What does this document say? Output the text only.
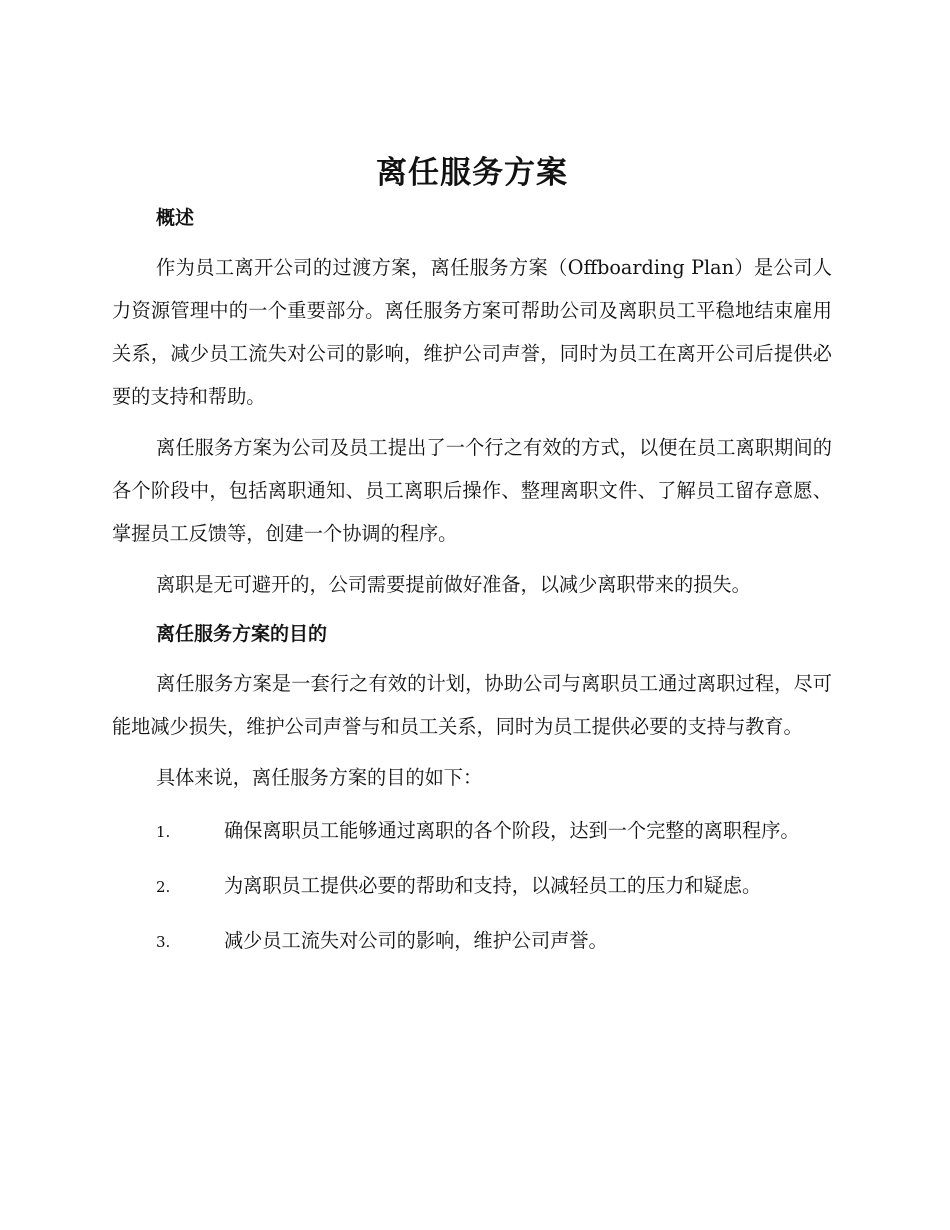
离任服务方案

概述

作为员工离开公司的过渡方案，离任服务方案（Offboarding Plan）是公司人力资源管理中的一个重要部分。离任服务方案可帮助公司及离职员工平稳地结束雇用关系，减少员工流失对公司的影响，维护公司声誉，同时为员工在离开公司后提供必要的支持和帮助。

离任服务方案为公司及员工提出了一个行之有效的方式，以便在员工离职期间的各个阶段中，包括离职通知、员工离职后操作、整理离职文件、了解员工留存意愿、掌握员工反馈等，创建一个协调的程序。

离职是无可避开的，公司需要提前做好准备，以减少离职带来的损失。

离任服务方案的目的

离任服务方案是一套行之有效的计划，协助公司与离职员工通过离职过程，尽可能地减少损失，维护公司声誉与和员工关系，同时为员工提供必要的支持与教育。

具体来说，离任服务方案的目的如下：

1.	确保离职员工能够通过离职的各个阶段，达到一个完整的离职程序。

2.	为离职员工提供必要的帮助和支持，以减轻员工的压力和疑虑。

3.	减少员工流失对公司的影响，维护公司声誉。
